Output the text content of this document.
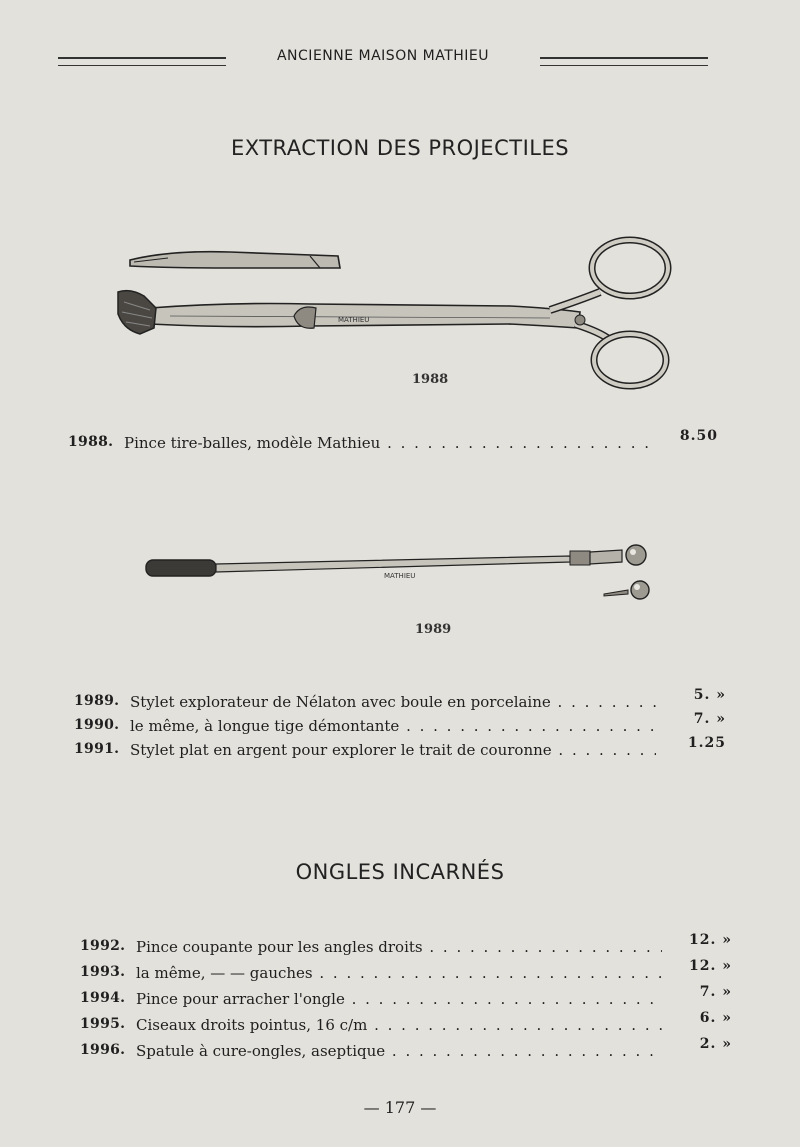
ANCIENNE MAISON MATHIEU
EXTRACTION DES PROJECTILES
MATHIEU
1988
1988. Pince tire-balles, modèle Mathieu . . .	8.50
MATHIEU
1989
1989. Stylet explorateur de Nélaton avec boule en porcelaine . . .	5. »
1990. le même, à longue tige démontante . . .	7. »
1991. Stylet plat en argent pour explorer le trait de couronne . . .	1.25
ONGLES INCARNÉS
1992. Pince coupante pour les angles droits . . .	12. »
1993. la même, — — gauches . . .	12. »
1994. Pince pour arracher l'ongle . . .	7. »
1995. Ciseaux droits pointus, 16 c/m . . .	6. »
1996. Spatule à cure-ongles, aseptique . . .	2. »
— 177 —
